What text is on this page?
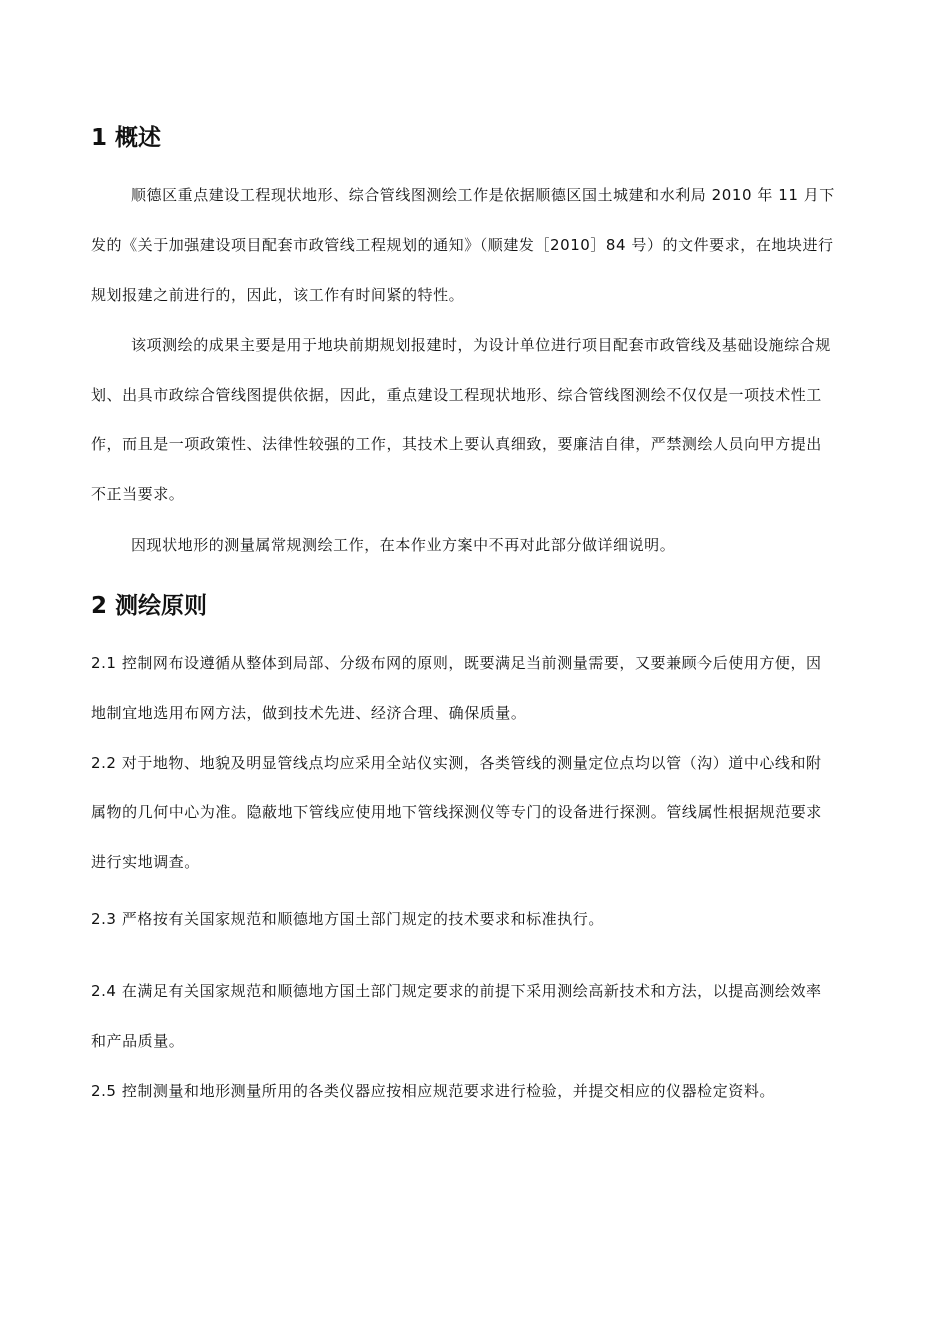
1 概述
顺德区重点建设工程现状地形、综合管线图测绘工作是依据顺德区国土城建和水利局 2010 年 11 月下
发的《关于加强建设项目配套市政管线工程规划的通知》（顺建发［2010］84 号）的文件要求，在地块进行
规划报建之前进行的，因此，该工作有时间紧的特性。
该项测绘的成果主要是用于地块前期规划报建时，为设计单位进行项目配套市政管线及基础设施综合规
划、出具市政综合管线图提供依据，因此，重点建设工程现状地形、综合管线图测绘不仅仅是一项技术性工
作，而且是一项政策性、法律性较强的工作，其技术上要认真细致，要廉洁自律，严禁测绘人员向甲方提出
不正当要求。
因现状地形的测量属常规测绘工作，在本作业方案中不再对此部分做详细说明。
2 测绘原则
2.1 控制网布设遵循从整体到局部、分级布网的原则，既要满足当前测量需要，又要兼顾今后使用方便，因
地制宜地选用布网方法，做到技术先进、经济合理、确保质量。
2.2 对于地物、地貌及明显管线点均应采用全站仪实测，各类管线的测量定位点均以管（沟）道中心线和附
属物的几何中心为准。隐蔽地下管线应使用地下管线探测仪等专门的设备进行探测。管线属性根据规范要求
进行实地调查。
2.3 严格按有关国家规范和顺德地方国土部门规定的技术要求和标准执行。
2.4 在满足有关国家规范和顺德地方国土部门规定要求的前提下采用测绘高新技术和方法，以提高测绘效率
和产品质量。
2.5 控制测量和地形测量所用的各类仪器应按相应规范要求进行检验，并提交相应的仪器检定资料。
